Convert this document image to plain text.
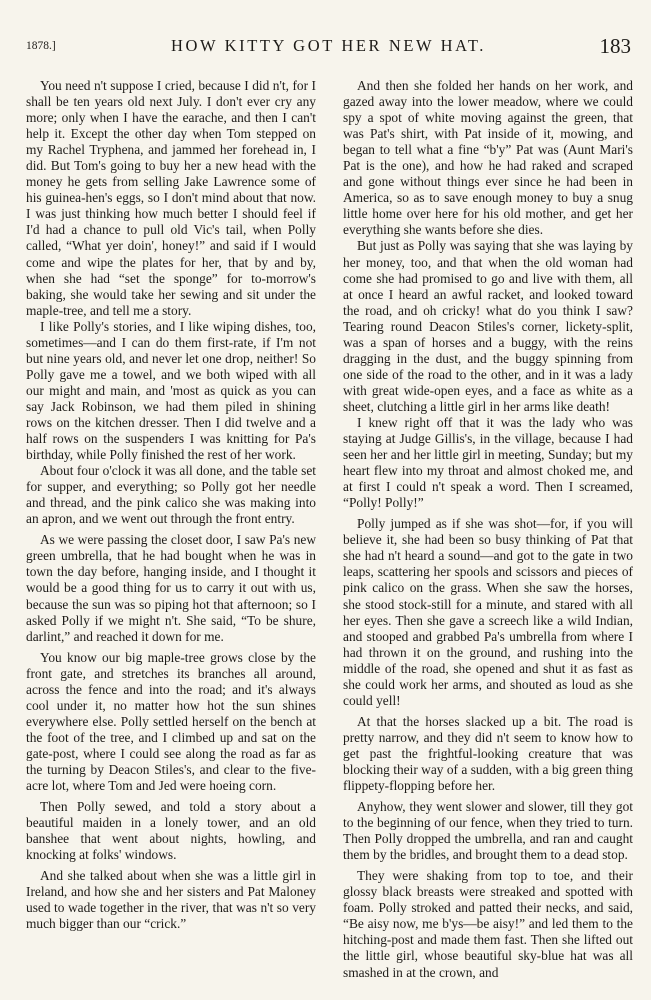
1878.]	HOW KITTY GOT HER NEW HAT.	183

You need n't suppose I cried, because I did n't, for I shall be ten years old next July. I don't ever cry any more; only when I have the earache, and then I can't help it. Except the other day when Tom stepped on my Rachel Tryphena, and jammed her forehead in, I did. But Tom's going to buy her a new head with the money he gets from selling Jake Lawrence some of his guinea-hen's eggs, so I don't mind about that now. I was just thinking how much better I should feel if I'd had a chance to pull old Vic's tail, when Polly called, “What yer doin', honey!” and said if I would come and wipe the plates for her, that by and by, when she had “set the sponge” for to-morrow's baking, she would take her sewing and sit under the maple-tree, and tell me a story.

I like Polly's stories, and I like wiping dishes, too, sometimes—and I can do them first-rate, if I'm not but nine years old, and never let one drop, neither! So Polly gave me a towel, and we both wiped with all our might and main, and 'most as quick as you can say Jack Robinson, we had them piled in shining rows on the kitchen dresser. Then I did twelve and a half rows on the suspenders I was knitting for Pa's birthday, while Polly finished the rest of her work.

About four o'clock it was all done, and the table set for supper, and everything; so Polly got her needle and thread, and the pink calico she was making into an apron, and we went out through the front entry.

As we were passing the closet door, I saw Pa's new green umbrella, that he had bought when he was in town the day before, hanging inside, and I thought it would be a good thing for us to carry it out with us, because the sun was so piping hot that afternoon; so I asked Polly if we might n't. She said, “To be shure, darlint,” and reached it down for me.

You know our big maple-tree grows close by the front gate, and stretches its branches all around, across the fence and into the road; and it's always cool under it, no matter how hot the sun shines everywhere else. Polly settled herself on the bench at the foot of the tree, and I climbed up and sat on the gate-post, where I could see along the road as far as the turning by Deacon Stiles's, and clear to the five-acre lot, where Tom and Jed were hoeing corn.

Then Polly sewed, and told a story about a beautiful maiden in a lonely tower, and an old banshee that went about nights, howling, and knocking at folks' windows.

And she talked about when she was a little girl in Ireland, and how she and her sisters and Pat Maloney used to wade together in the river, that was n't so very much bigger than our “crick.”

And then she folded her hands on her work, and gazed away into the lower meadow, where we could spy a spot of white moving against the green, that was Pat's shirt, with Pat inside of it, mowing, and began to tell what a fine “b'y” Pat was (Aunt Mari's Pat is the one), and how he had raked and scraped and gone without things ever since he had been in America, so as to save enough money to buy a snug little home over here for his old mother, and get her everything she wants before she dies.

But just as Polly was saying that she was laying by her money, too, and that when the old woman had come she had promised to go and live with them, all at once I heard an awful racket, and looked toward the road, and oh cricky! what do you think I saw? Tearing round Deacon Stiles's corner, lickety-split, was a span of horses and a buggy, with the reins dragging in the dust, and the buggy spinning from one side of the road to the other, and in it was a lady with great wide-open eyes, and a face as white as a sheet, clutching a little girl in her arms like death!

I knew right off that it was the lady who was staying at Judge Gillis's, in the village, because I had seen her and her little girl in meeting, Sunday; but my heart flew into my throat and almost choked me, and at first I could n't speak a word. Then I screamed, “Polly! Polly!”

Polly jumped as if she was shot—for, if you will believe it, she had been so busy thinking of Pat that she had n't heard a sound—and got to the gate in two leaps, scattering her spools and scissors and pieces of pink calico on the grass. When she saw the horses, she stood stock-still for a minute, and stared with all her eyes. Then she gave a screech like a wild Indian, and stooped and grabbed Pa's umbrella from where I had thrown it on the ground, and rushing into the middle of the road, she opened and shut it as fast as she could work her arms, and shouted as loud as she could yell!

At that the horses slacked up a bit. The road is pretty narrow, and they did n't seem to know how to get past the frightful-looking creature that was blocking their way of a sudden, with a big green thing flippety-flopping before her.

Anyhow, they went slower and slower, till they got to the beginning of our fence, when they tried to turn. Then Polly dropped the umbrella, and ran and caught them by the bridles, and brought them to a dead stop.

They were shaking from top to toe, and their glossy black breasts were streaked and spotted with foam. Polly stroked and patted their necks, and said, “Be aisy now, me b'ys—be aisy!” and led them to the hitching-post and made them fast. Then she lifted out the little girl, whose beautiful sky-blue hat was all smashed in at the crown, and
